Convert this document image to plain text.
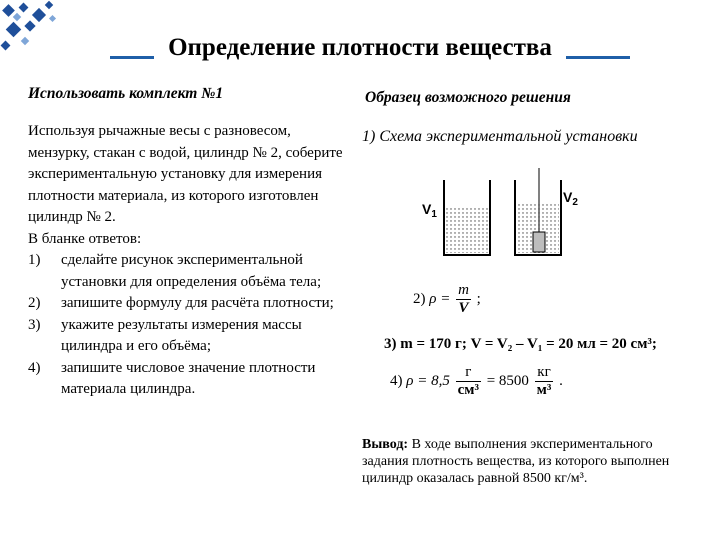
Определение плотности вещества
Использовать комплект №1	Образец возможного решения

Используя рычажные весы с разновесом, мензурку, стакан с водой, цилиндр № 2, соберите экспериментальную установку для измерения плотности материала, из которого изготовлен цилиндр № 2.

В бланке ответов:

1) сделайте рисунок экспериментальной установки для определения объёма тела;
2) запишите формулу для расчёта плотности;
3) укажите результаты измерения массы цилиндра и его объёма;
4) запишите числовое значение плотности материала цилиндра.
1) Схема экспериментальной установки
$V_1$
$V_2$
2) $\rho = \frac{m}{V}$ ;
3) m = 170 г; V = V₂ – V₁ = 20 мл = 20 см³;
4) $\rho = 8,5 \frac{г}{\text{см³}} = 8500 \frac{кг}{\text{м³}}$ .
Вывод: В ходе выполнения экспериментального задания плотность вещества, из которого выполнен цилиндр оказалась равной 8500 кг/м³.
